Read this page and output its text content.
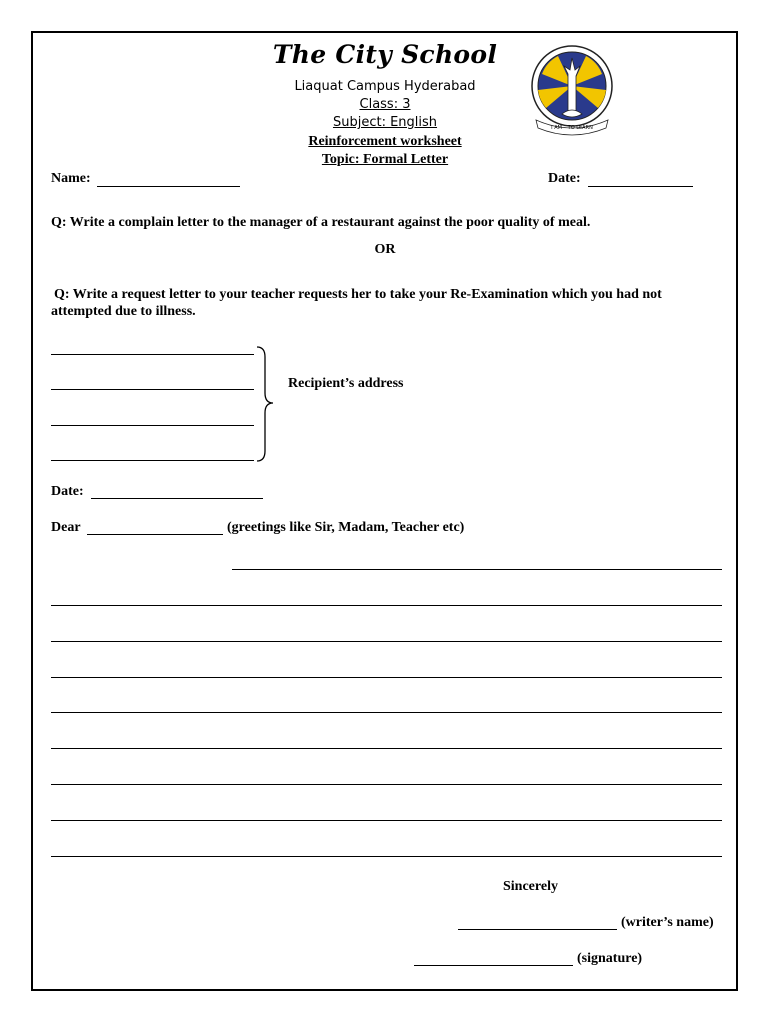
The City School
Liaquat Campus Hyderabad
Class: 3
Subject: English
Reinforcement worksheet
Topic: Formal Letter
I AM – TO LEARN
Name:	Date:
Q: Write a complain letter to the manager of a restaurant against the poor quality of meal.
OR
Q: Write a request letter to your teacher requests her to take your Re-Examination which you had not
attempted due to illness.
Recipient’s address
Date:
Dear	(greetings like Sir, Madam, Teacher etc)
Sincerely
(writer’s name)
(signature)
